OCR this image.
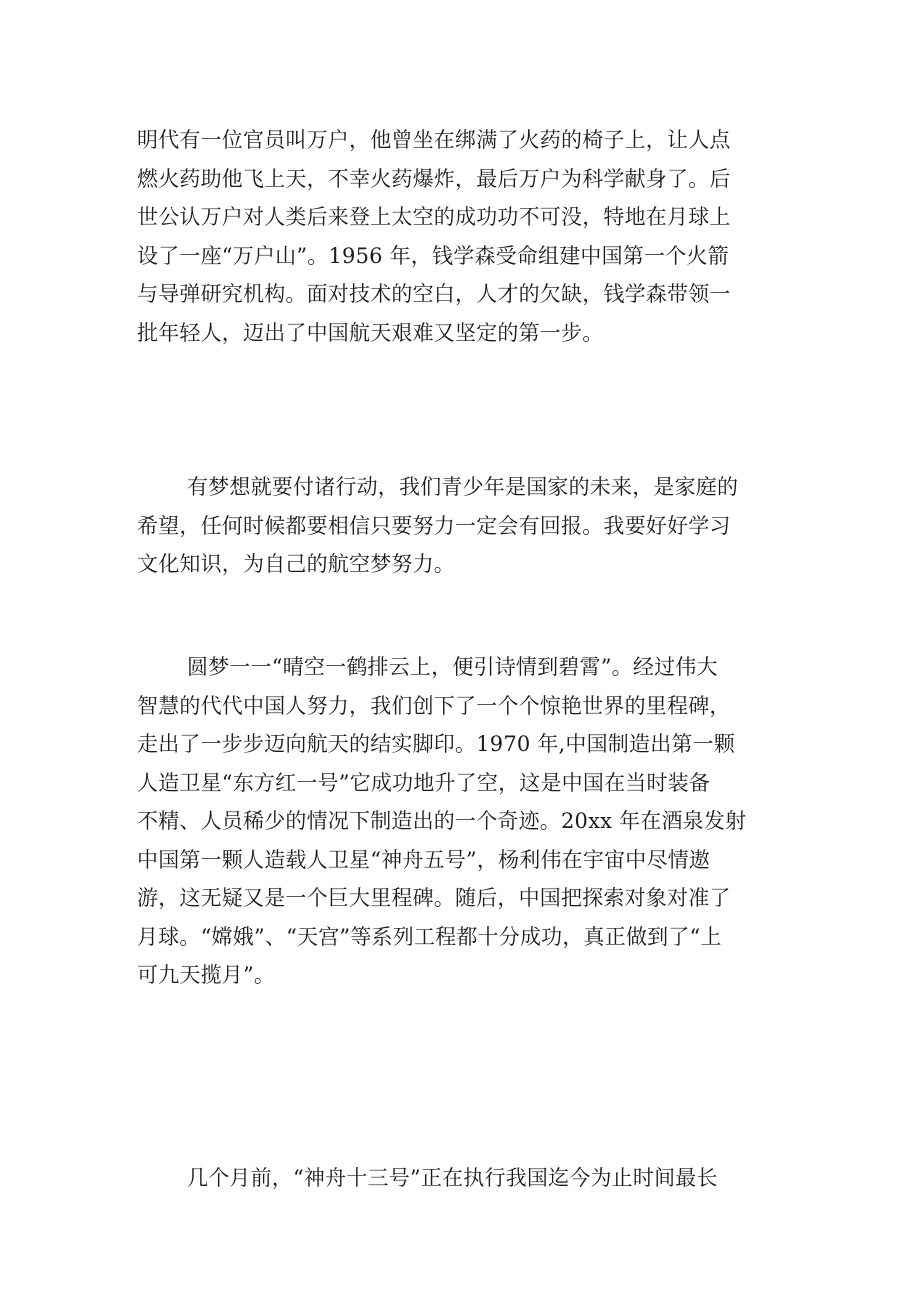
明代有一位官员叫万户，他曾坐在绑满了火药的椅子上，让人点
燃火药助他飞上天，不幸火药爆炸，最后万户为科学献身了。后
世公认万户对人类后来登上太空的成功功不可没，特地在月球上
设了一座“万户山”。1956 年，钱学森受命组建中国第一个火箭
与导弹研究机构。面对技术的空白，人才的欠缺，钱学森带领一
批年轻人，迈出了中国航天艰难又坚定的第一步。
有梦想就要付诸行动，我们青少年是国家的未来，是家庭的
希望，任何时候都要相信只要努力一定会有回报。我要好好学习
文化知识，为自己的航空梦努力。
圆梦一一“晴空一鹤排云上，便引诗情到碧霄”。经过伟大
智慧的代代中国人努力，我们创下了一个个惊艳世界的里程碑，
走出了一步步迈向航天的结实脚印。1970 年,中国制造出第一颗
人造卫星“东方红一号”它成功地升了空，这是中国在当时装备
不精、人员稀少的情况下制造出的一个奇迹。20xx 年在酒泉发射
中国第一颗人造载人卫星“神舟五号”，杨利伟在宇宙中尽情遨
游，这无疑又是一个巨大里程碑。随后，中国把探索对象对准了
月球。“嫦娥”、“天宫”等系列工程都十分成功，真正做到了“上
可九天揽月”。
几个月前，“神舟十三号”正在执行我国迄今为止时间最长
